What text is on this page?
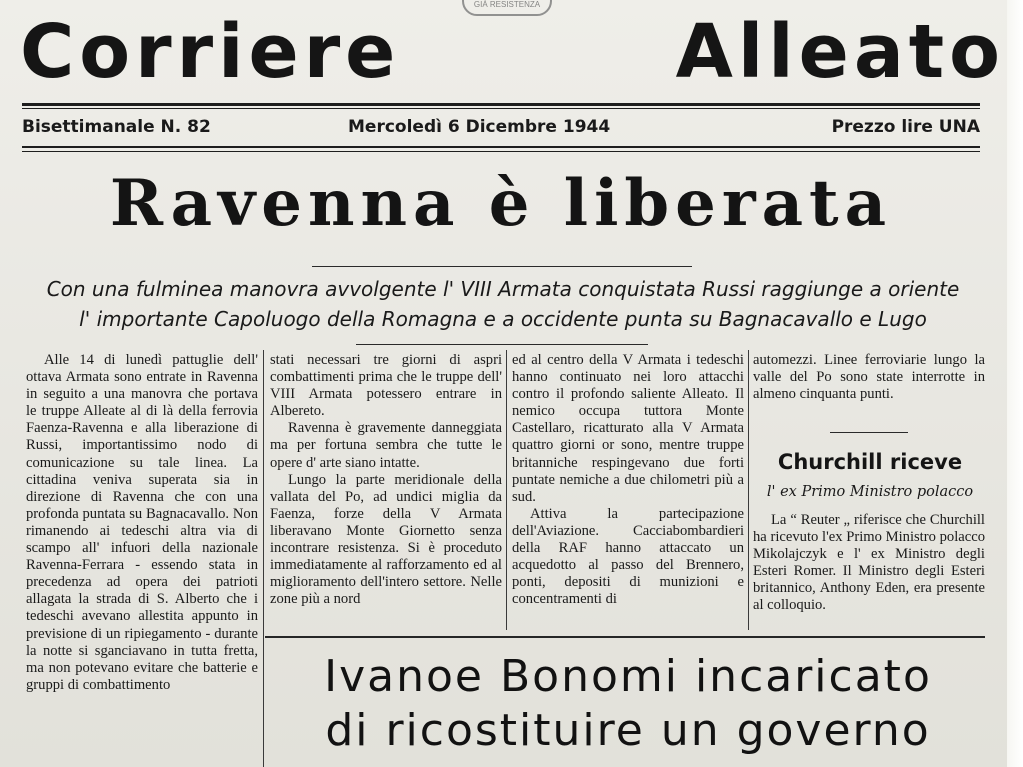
GIÀ RESISTENZA
Corriere	Alleato
Bisettimanale N. 82	Mercoledì 6 Dicembre 1944	Prezzo lire UNA
Ravenna è liberata
Con una fulminea manovra avvolgente l' VIII Armata conquistata Russi raggiunge a oriente
l' importante Capoluogo della Romagna e a occidente punta su Bagnacavallo e Lugo

Alle 14 di lunedì pattuglie dell' ottava Armata sono entrate in Ravenna in seguito a una manovra che portava le truppe Alleate al di là della ferrovia Faenza-Ravenna e alla liberazione di Russi, importantissimo nodo di comunicazione su tale linea. La cittadina veniva superata sia in direzione di Ravenna che con una profonda puntata su Bagnacavallo. Non rimanendo ai tedeschi altra via di scampo all' infuori della nazionale Ravenna-Ferrara - essendo stata in precedenza ad opera dei patrioti allagata la strada di S. Alberto che i tedeschi avevano allestita appunto in previsione di un ripiegamento - durante la notte si sganciavano in tutta fretta, ma non potevano evitare che batterie e gruppi di combattimento

stati necessari tre giorni di aspri combattimenti prima che le truppe dell' VIII Armata potessero entrare in Albereto.

Ravenna è gravemente danneggiata ma per fortuna sembra che tutte le opere d' arte siano intatte.

Lungo la parte meridionale della vallata del Po, ad undici miglia da Faenza, forze della V Armata liberavano Monte Giornetto senza incontrare resistenza. Si è proceduto immediatamente al rafforzamento ed al miglioramento dell'intero settore. Nelle zone più a nord

ed al centro della V Armata i tedeschi hanno continuato nei loro attacchi contro il profondo saliente Alleato. Il nemico occupa tuttora Monte Castellaro, ricatturato alla V Armata quattro giorni or sono, mentre truppe britanniche respingevano due forti puntate nemiche a due chilometri più a sud.

Attiva la partecipazione dell'Aviazione. Cacciabombardieri della RAF hanno attaccato un acquedotto al passo del Brennero, ponti, depositi di munizioni e concentramenti di

automezzi. Linee ferroviarie lungo la valle del Po sono state interrotte in almeno cinquanta punti.

Churchill riceve
l' ex Primo Ministro polacco

La “ Reuter „ riferisce che Churchill ha ricevuto l'ex Primo Ministro polacco Mikolajczyk e l' ex Ministro degli Esteri Romer. Il Ministro degli Esteri britannico, Anthony Eden, era presente al colloquio.

Ivanoe Bonomi incaricato
di ricostituire un governo
